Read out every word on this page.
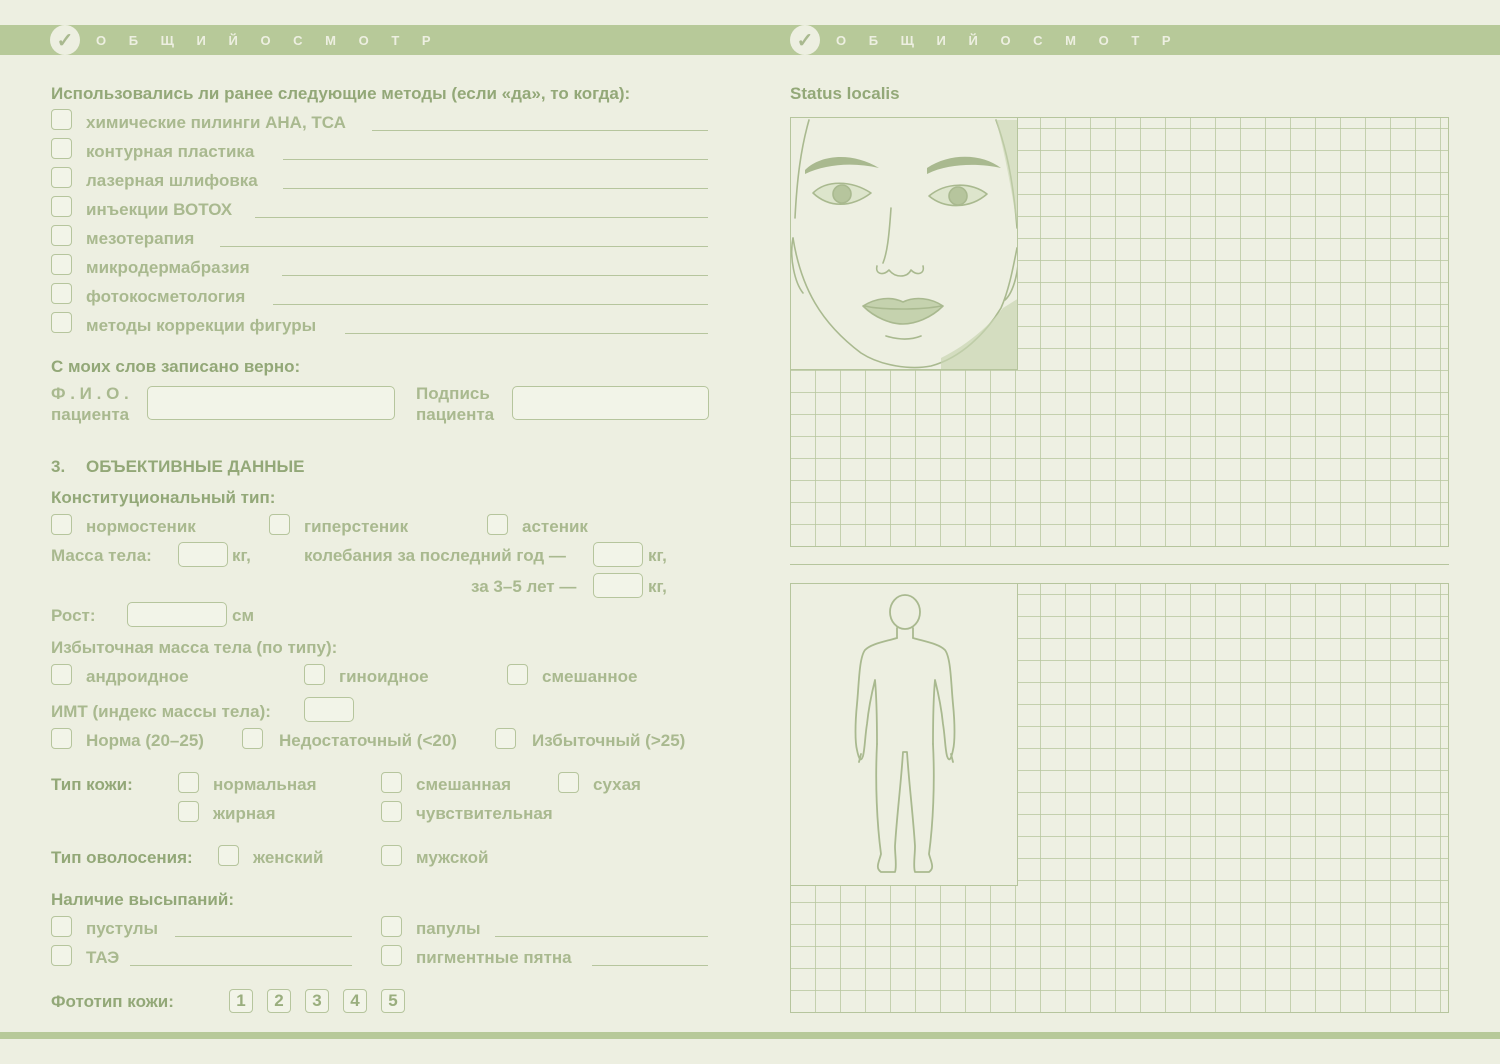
✓	О Б Щ И Й О С М О Т Р	✓	О Б Щ И Й О С М О Т Р
Использовались ли ранее следующие методы (если «да», то когда):
химические пилинги АНА, ТСА
контурная пластика
лазерная шлифовка
инъекции ВОТОХ
мезотерапия
микродермабразия
фотокосметология
методы коррекции фигуры
С моих слов записано верно:
Ф . И . О .
пациента
Подпись
пациента
3. ОБЪЕКТИВНЫЕ ДАННЫЕ
Конституциональный тип:
нормостеник	гиперстеник	астеник
Масса тела:	кг,	колебания за последний год —	кг,
за 3–5 лет —	кг,
Рост:	см
Избыточная масса тела (по типу):
андроидное	гиноидное	смешанное
ИМТ (индекс массы тела):
Норма (20–25)	Недостаточный (<20)	Избыточный (>25)
Тип кожи:	нормальная	смешанная	сухая
жирная	чувствительная
Тип оволосения:	женский	мужской
Наличие высыпаний:
пустулы	папулы
ТАЭ	пигментные пятна
Фототип кожи:	1	2	3	4	5
Status localis
